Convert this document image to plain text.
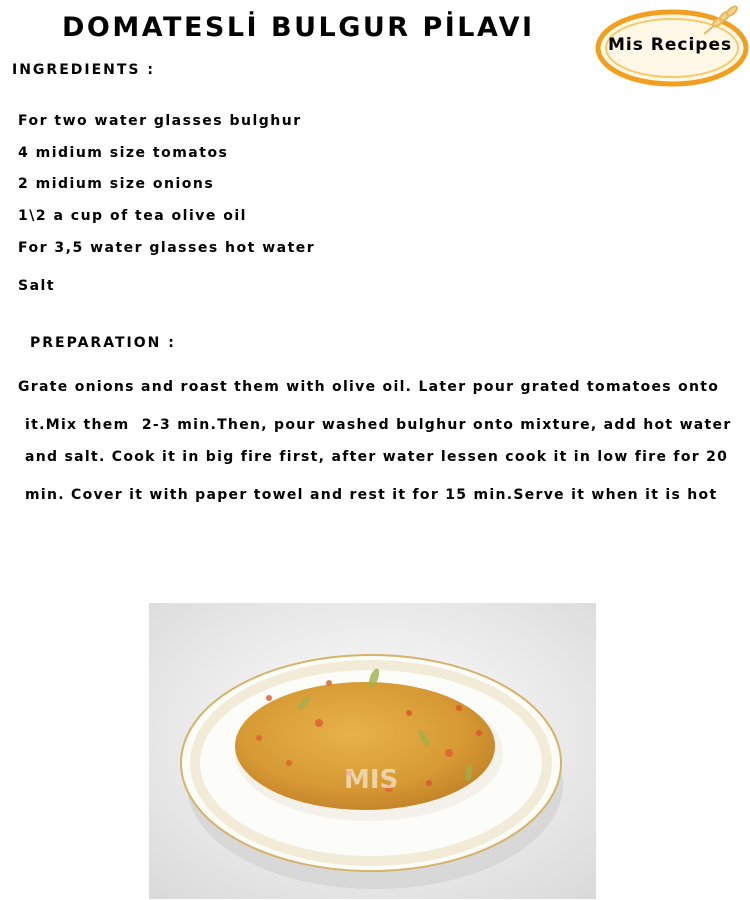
DOMATESLİ BULGUR PİLAVI
Mis Recipes
INGREDIENTS :
For two water glasses bulghur
4 midium size tomatos
2 midium size onions
1\2 a cup of tea olive oil
For 3,5 water glasses hot water
Salt
PREPARATION :
Grate onions and roast them with olive oil. Later pour grated tomatoes onto
it.Mix them  2-3 min.Then, pour washed bulghur onto mixture, add hot water
and salt. Cook it in big fire first, after water lessen cook it in low fire for 20
min. Cover it with paper towel and rest it for 15 min.Serve it when it is hot
MIS
